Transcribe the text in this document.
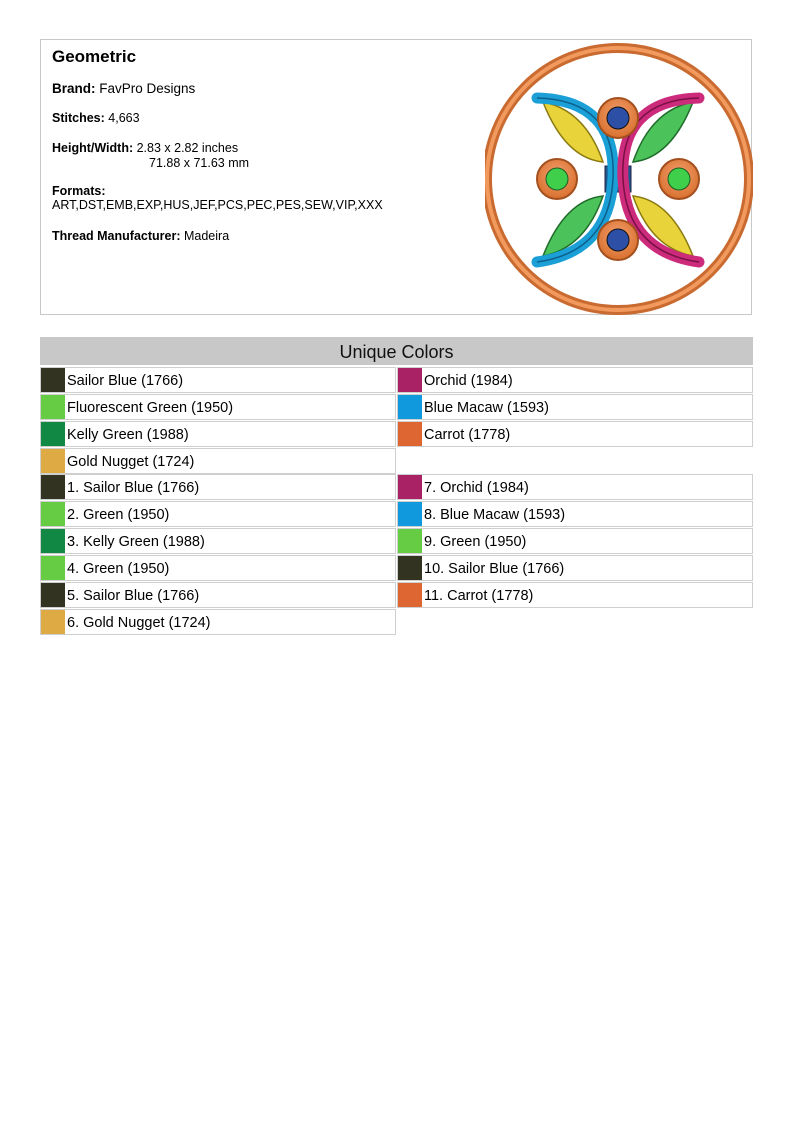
Geometric
Brand: FavPro Designs
Stitches: 4,663
Height/Width: 2.83 x 2.82 inches
71.88 x 71.63 mm
Formats:
ART,DST,EMB,EXP,HUS,JEF,PCS,PEC,PES,SEW,VIP,XXX
Thread Manufacturer: Madeira
Unique Colors
Sailor Blue (1766)
Fluorescent Green (1950)
Kelly Green (1988)
Gold Nugget (1724)
Orchid (1984)
Blue Macaw (1593)
Carrot (1778)
1. Sailor Blue (1766)
2. Green (1950)
3. Kelly Green (1988)
4. Green (1950)
5. Sailor Blue (1766)
6. Gold Nugget (1724)
7. Orchid (1984)
8. Blue Macaw (1593)
9. Green (1950)
10. Sailor Blue (1766)
11. Carrot (1778)
